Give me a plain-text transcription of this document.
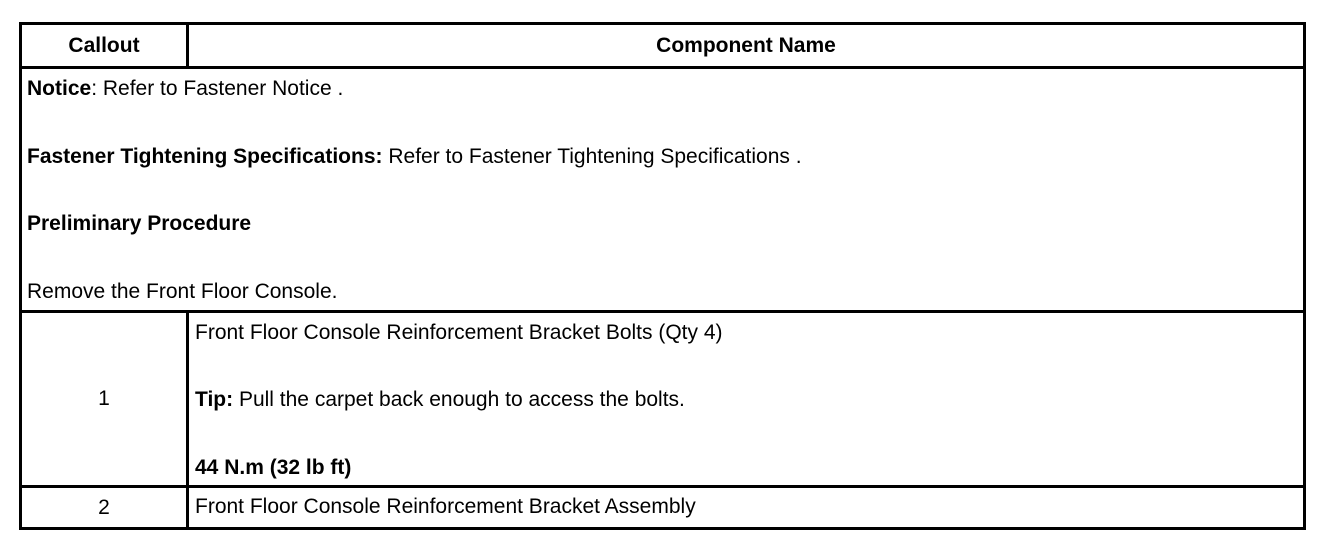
Callout	Component Name
Notice: Refer to Fastener Notice .
Fastener Tightening Specifications: Refer to Fastener Tightening Specifications .
Preliminary Procedure
Remove the Front Floor Console.
1
Front Floor Console Reinforcement Bracket Bolts (Qty 4)
Tip: Pull the carpet back enough to access the bolts.
44 N.m (32 lb ft)
2	Front Floor Console Reinforcement Bracket Assembly
